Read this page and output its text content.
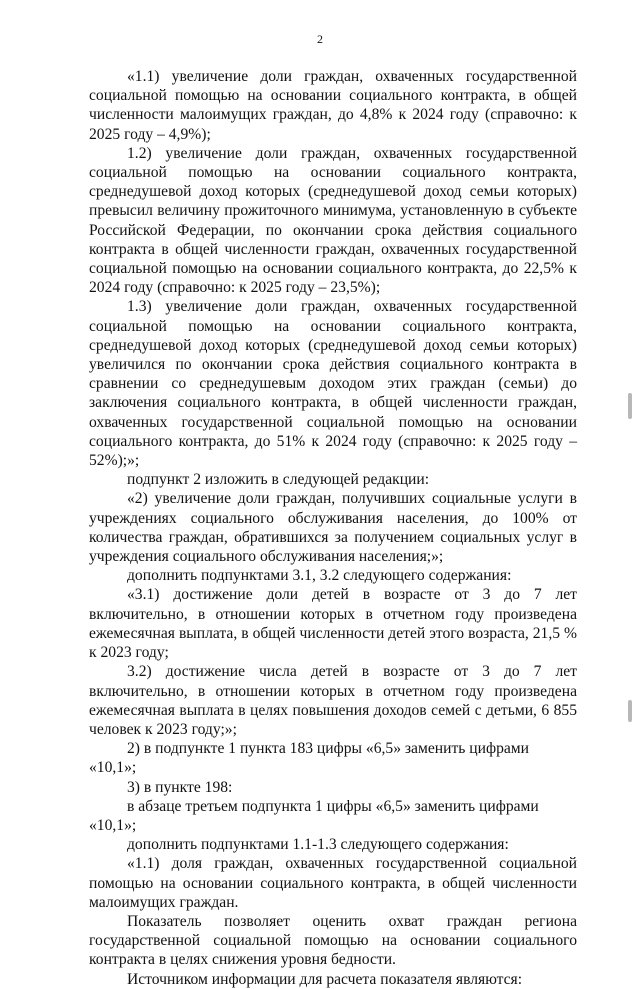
2

«1.1) увеличение доли граждан, охваченных государственной социальной помощью на основании социального контракта, в общей численности малоимущих граждан, до 4,8% к 2024 году (справочно: к 2025 году – 4,9%);

1.2) увеличение доли граждан, охваченных государственной социальной помощью на основании социального контракта, среднедушевой доход которых (среднедушевой доход семьи которых) превысил величину прожиточного минимума, установленную в субъекте Российской Федерации, по окончании срока действия социального контракта в общей численности граждан, охваченных государственной социальной помощью на основании социального контракта, до 22,5% к 2024 году (справочно: к 2025 году – 23,5%);

1.3) увеличение доли граждан, охваченных государственной социальной помощью на основании социального контракта, среднедушевой доход которых (среднедушевой доход семьи которых) увеличился по окончании срока действия социального контракта в сравнении со среднедушевым доходом этих граждан (семьи) до заключения социального контракта, в общей численности граждан, охваченных государственной социальной помощью на основании социального контракта, до 51% к 2024 году (справочно: к 2025 году – 52%);»;

подпункт 2 изложить в следующей редакции:

«2) увеличение доли граждан, получивших социальные услуги в учреждениях социального обслуживания населения, до 100% от количества граждан, обратившихся за получением социальных услуг в учреждения социального обслуживания населения;»;

дополнить подпунктами 3.1, 3.2 следующего содержания:

«3.1) достижение доли детей в возрасте от 3 до 7 лет включительно, в отношении которых в отчетном году произведена ежемесячная выплата, в общей численности детей этого возраста, 21,5 % к 2023 году;

3.2) достижение числа детей в возрасте от 3 до 7 лет включительно, в отношении которых в отчетном году произведена ежемесячная выплата в целях повышения доходов семей с детьми, 6 855 человек к 2023 году;»;

2) в подпункте 1 пункта 183 цифры «6,5» заменить цифрами «10,1»;

3) в пункте 198:

в абзаце третьем подпункта 1 цифры «6,5» заменить цифрами «10,1»;

дополнить подпунктами 1.1-1.3 следующего содержания:

«1.1) доля граждан, охваченных государственной социальной помощью на основании социального контракта, в общей численности малоимущих граждан.

Показатель позволяет оценить охват граждан региона государственной социальной помощью на основании социального контракта в целях снижения уровня бедности.

Источником информации для расчета показателя являются:
